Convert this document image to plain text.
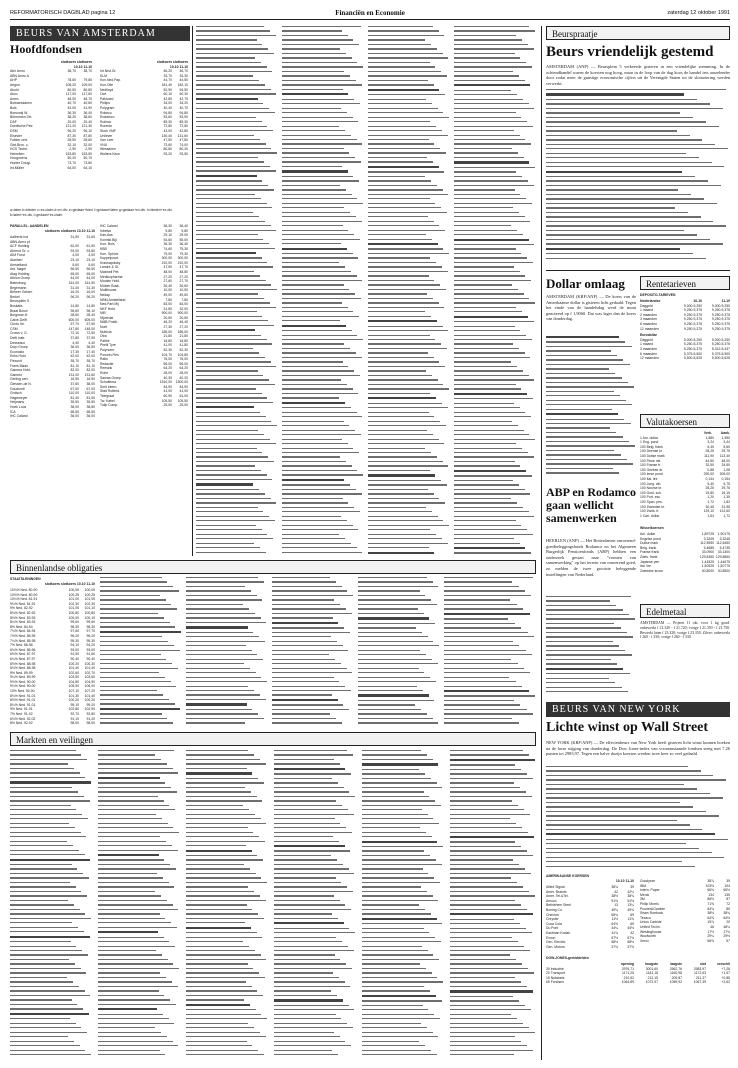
REFORMATORISCH DAGBLAD pagina 12	Financiën en Economie	zaterdag 12 oktober 1991
BEURS VAN AMSTERDAM
Hoofdfondsen
slotkoers slotkoers
10-10 11-10
Abn Amro	38,70	38,70
ABN Amro A
AHP	78,60	79,80
Aegon	108,20	109,00
Ahold	80,50	80,80
Akzo	117,00	117,60
Amev	48,00	48,70
Bolswessanen	40,70	40,60
Bols	42,00	41,90
Borsumij W.	36,30	36,40
Bührmann-Tet.	38,20	38,60
DAF	20,00	20,40
Dordtsche Petr.	121,20	121,30
DSM	96,20	96,10
Elsevier	87,30	87,80
Fokker cert.	28,50	28,60
Gist-Broc. c.	32,10	32,00
HCS Techn.	2,90	2,90
Heineken	153,80	153,50
Hoogovens	50,20	50,70
Hunter Dougl.	73,70	73,80
Int.Müller	64,00	64,10
slotkoers slotkoers
10-10 11-10
Int.Ned.Gr.	46,20	46,70
KLM	33,70	34,30
Kon.Ned.Pap.	44,70	44,50
Kon.Olie	181,40	182,10
Nedlloyd	52,90	54,50
Océ	60,10	60,30
Pakhoed	42,80	42,70
Philips	34,00	34,20
Polygram	40,40	40,70
Robeco	94,80	94,80
Rodamco	53,60	53,90
Rolinco	89,30	89,30
Rorento	72,80	72,80
Stork VMF	43,00	42,80
Unilever	130,40	131,60
Van Leer	47,50	47,80
VNU	73,60	74,00
Wessanen	80,80	80,20
Wolters Kluw.	93,20	93,50
a=laten b=bieden c=ex-claim d=ex-div. e=gedaan+bied. f=gedaan+laten g=gedaan+ex-div. h=bieden+ex-div. k=laten+ex-div. l=gedaan+ex-claim
PARALLEL. AANDELEN
slotkoers slotkoers 10-10 11-10
Aalberts Ind	31,50	31,60
ABN-Amro pf
ACF Holding	62,00	61,50
Ahrend Gr. c.	93,00	93,80
AIM Fund	4,00	4,00
Alanheri	23,10	23,10
Amstelland	5,60	5,60
Ant. Nagel	56,50	56,50
Atag Holding	65,00	65,00
Athlon Groep	44,00	44,00
Batenburg	161,00	161,50
Begemann	31,40	31,30
Beheer Gelder.	16,20	16,00
Berkel	96,20	96,20
Beursplein 5
Boskalis	14,80	14,80
Braat Bouw	96,60	96,10
Burgman-H.	28,60	28,40
Calvé-Delft	600,00	605,00
Cindu Int.	57,70	57,60
CSM	147,80	148,00
Crown v. G.	72,10	72,50
Delft Instr.	37,80	37,90
Desseaux	4,40	4,40
Dorp Groep	36,00	36,50
Econosto	17,30	17,40
Eriks Hold.	62,00	62,00
Flexovit	35,70	35,70
Frans Maas	81,10	81,10
Gamma Hold.	82,00	82,00
Gammo	131,00	131,60
Gerling cert.	16,90	16,90
Giessen-de N.	37,60	38,00
Goudsmit	67,00	67,00
Grolsch	110,00	110,00
Hagemeyer	81,40	81,50
Heijmans	35,50	35,50
Hoek Loos	38,00	38,80
ICA	68,50	68,50
IHC Caland	36,00	36,00
IHC Caland	36,30	36,40
Inbelsa	5,80	5,80
Kas-Ass.	29,10	29,00
Koninkl.Bijl.	54,60	55,00
Kon. Bols	36,30	36,40
KBB	74,60	75,30
Kon. Sphinx	79,00	79,30
Koppelpoort	300,00	300,00
Krasnapolsky	210,00	210,00
Landré & Gl.	47,50	47,70
Maxwell Pet.	48,00	48,80
Medicopharma	27,20	27,20
Moolen Hold.	27,60	27,70
Mulder Bosk.	30,40	30,60
Multihouse	10,00	10,50
Nedap	49,00	49,60
NBM-Amstelland	7,80	7,80
Ned.Part.Mij	83,00	84,00
NKF Hold.	31,80	32,00
NIB	900,00	900,00
Nijverdal	20,50	20,50
NMB Postb.	46,20	46,40
Norit	27,30	27,20
Nutricia	185,00	186,00
Otra	21,80	21,80
Palthe	16,80	16,80
Pirelli Tyre	41,00	41,80
Polynorm	62,30	62,30
Porceln.Fles	104,70	104,80
Ratin	76,00	76,00
Redactie	56,00	56,00
Reesink	64,20	64,20
Rohe	28,00	28,00
Samas Groep	40,30	40,20
Schuitema	1510,00	1500,00
Smit Intern.	54,90	54,90
Stad Rotterd.	41,00	41,00
Telegraaf	60,90	61,00
Tw. Kabel	105,50	105,50
Tulip Comp.	25,00	25,00
Binnenlandse obligaties
STAATSLENINGEN
slotkoers slotkoers 10-10 11-10
10¾% Ned. 80-90	100,05	100,05
10½% Ned. 80-90	100,25	100,25
10¼% Ned. 81-91	101,00	101,05
9¾% Ned. 81-91	102,30	102,30
9% Ned. 82-92	101,05	101,10
8¾% Ned. 82-92	100,80	100,80
8½% Ned. 83-93	100,00	100,10
8¼% Ned. 83-93	99,60	99,60
8% Ned. 84-94	98,30	98,30
7¾% Ned. 84-94	97,60	97,70
7½% Ned. 85-95	96,20	96,20
7¼% Ned. 85-95	95,30	95,30
7% Ned. 86-96	94,10	94,20
6¾% Ned. 86-96	93,00	93,00
6½% Ned. 87-97	91,50	91,60
6¼% Ned. 87-97	90,40	90,40
8½% Ned. 88-98	100,20	100,30
8¾% Ned. 88-98	101,40	101,40
9% Ned. 89-99	102,60	102,70
9¼% Ned. 89-99	103,50	103,60
9½% Ned. 90-00	104,80	104,90
9¾% Ned. 90-00	105,90	106,00
10% Ned. 90-00	107,10	107,20
8¾% Ned. 91-01	101,30	101,40
8½% Ned. 91-01	100,20	100,20
8¼% Ned. 91-01	99,10	99,20
9% Ned. 91-01	102,80	102,90
7% Ned. 91-02	92,70	92,80
6¾% Ned. 92-02	91,10	91,20
8% Ned. 92-02	98,00	98,00
Markten en veilingen
Beurspraatje
Beurs vriendelijk gestemd
AMSTERDAM (ANP) — Beursplein 5 verkeerde gisteren in een vriendelijke stemming. In de ochtendhandel waren de koersen nog hoog, maar in de loop van de dag koos de handel iets aarzelender door zodat meer de gunstige economische cijfers uit de Verenigde Staten tot de slotnotering werden verwerkt.
Dollar omlaag
AMSTERDAM (KRF/ANP) — De koers van de Amerikaanse dollar is gisteren licht gedaald. Tegen het einde van de handelsdag werd de munt genoteerd op f 1,9060. Dat was lager dan de koers van donderdag.
ABP en Rodamco gaan wellicht samenwerken
HEERLEN (ANP) — Het Rotterdamse onroerend-goedbeleggingsfonds Rodamco en het Algemeen Burgerlijk Pensioenfonds (ABP) hebben een onderzoek gestart naar "vormen van samenwerking" op het terrein van onroerend goed, zo melden de twee grootste beleggende instellingen van Nederland.
Rentetarieven
DEPOSITO-TARIEVEN
Nederlandse	10-10	11-10
Daggeld	9,000-9,250	9,000-9,250
1 maand	9,250-9,375	9,250-9,375
2 maanden	9,250-9,375	9,250-9,375
3 maanden	9,250-9,375	9,250-9,375
6 maanden	9,250-9,375	9,250-9,375
12 maanden	9,250-9,375	9,250-9,375
Eurodollar
Daggeld	5,000-5,250	5,000-5,250
1 maand	5,250-5,375	5,250-5,375
3 maanden	5,250-5,375	5,312-5,437
6 maanden	5,375-5,500	5,375-5,500
12 maanden	5,500-5,625	5,500-5,625
Valutakoersen
Verk.	Aank.
1 Am. dollar	1,880	1,950
1 Eng. pond	3,24	3,44
100 Belg. frank	5,40	5,60
100 Deense kr.	28,25	29,75
100 Duitse mark	111,90	113,40
100 Finse mk	44,50	48,00
100 Franse fr.	32,50	34,50
100 Griekse dr.	0,88	1,08
100 Ierse pond	290,00	305,00
100 Ital. lire	0,144	0,154
100 Joeg. din.	5,40	5,75
100 Noorse kr.	28,25	29,75
100 Oost. sch.	15,80	16,15
100 Port. esc.	1,20	1,35
100 Span. pes.	1,72	1,82
100 Zweedse kr.	30,45	31,95
100 Zwits. fr.	129,10	131,60
1 Can. dollar	1,64	1,72
Wisselkoersen
Am. dollar	1,89725	1,90175
Engelse pond	3,3205	3,3245
Duitse mark	112,5950 112,6450
Belg. frank	5,4685	5,4735
Franse frank	33,0900	33,1400
Zwits. frank	129,8350 129,8850
Japanse yen	1,44525	1,44675
Ital. lire	1,50525	1,50775
Zweedse kroon	30,8000	30,8500
Edelmetaal
AMSTERDAM — Prijzen 11 okt. voor 1 kg goud: onbewerkt f 21.320 - f 21.720; vorige f 21.350 - f 21.750. Bewerkt laten f 23.320; vorige f 23.350. Zilver: onbewerkt f 260 - f 330; vorige f 260 - f 330.
BEURS VAN NEW YORK
Lichte winst op Wall Street
NEW YORK (KRF/ANP) — De effectenbeurs van New York heeft gisteren licht winst kunnen boeken na de forse stijging van donderdag. De Dow Jones-index van vooraanstaande fondsen steeg met 7,26 punten tot 2983,97. Tegen een halve dozijn koersen werden twee keer zo veel gedaald.
AMERIKAANSE KOERSEN
10-10 11-10
Allied Signal	38¾	39
Amer. Brands	42	42¼
Amer. Tel.&Tel.	38½	38¾
Amoco	51⅜	51½
Bethlehem Steel	13	13¼
Boeing Co.	49¼	49¾
Chevron	68¾	69
Chrysler	11½	11⅝
Coca Cola	64⅝	65
Du Pont	44¼	44½
Eastman Kodak	41¾	42
Exxon	57½	57⅝
Gen. Electric	68⅛	68½
Gen. Motors	37⅜	37⅝
Goodyear	38⅞	39
IBM	103½	104
Intern. Paper	66⅜	66½
Merck	134	135
3M	86½	87
Philip Morris	71⅝	72
Procter&Gamble	84¾	85
Sears Roebuck	38½	38¾
Texaco	64⅝	64½
Union Carbide	19⅞	20
United Techn.	46	46¼
Westinghouse	17½	17¾
Woolworth	29¼	29½
Xerox	56⅝	57
DOW-JONES-gemiddelden
opening	hoogste	laagste	slot	verschil
30 Industrie	2976,71	3001,60	2962,76	2983,97	+7,26
20 Transport	1171,25	1181,18	1160,98	1172,63	+1,57
15 Nutsbedr.	210,52	212,15	209,87	211,37	+0,85
65 Fondsen	1064,89	1072,97	1059,92	1067,39	+2,62
